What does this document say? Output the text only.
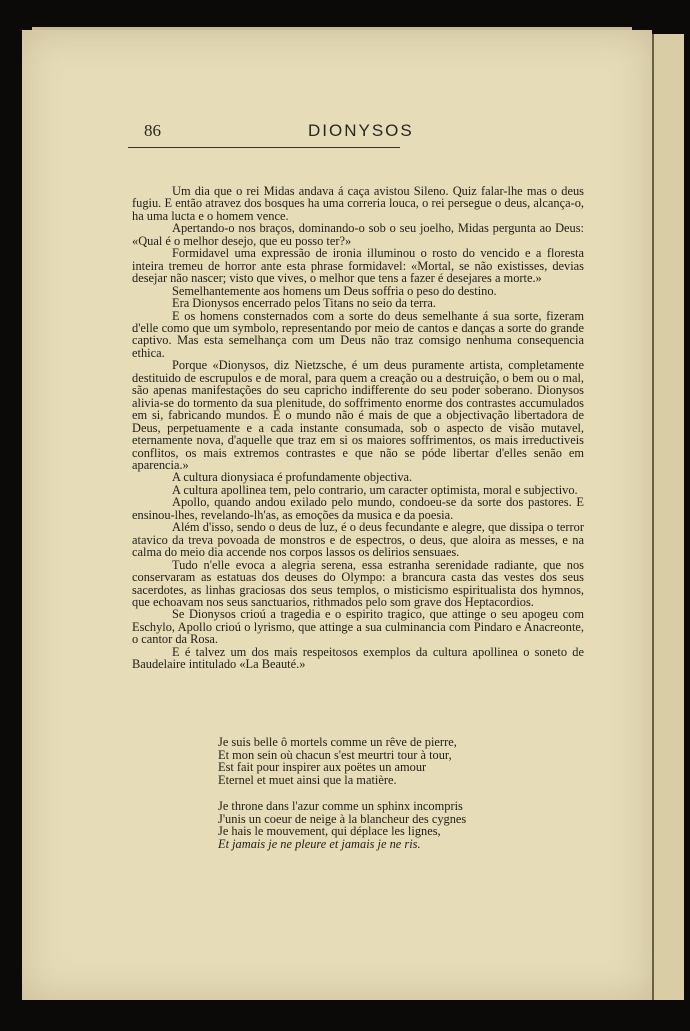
86	DIONYSOS

Um dia que o rei Midas andava á caça avistou Sileno. Quiz falar-lhe mas o deus fugiu. E então atravez dos bosques ha uma correria louca, o rei persegue o deus, alcança-o, ha uma lucta e o homem vence.

Apertando-o nos braços, dominando-o sob o seu joelho, Midas pergunta ao Deus: «Qual é o melhor desejo, que eu posso ter?»

Formidavel uma expressão de ironia illuminou o rosto do vencido e a floresta inteira tremeu de horror ante esta phrase formidavel: «Mortal, se não existisses, devias desejar não nascer; visto que vives, o melhor que tens a fazer é desejares a morte.»

Semelhantemente aos homens um Deus soffria o peso do destino.

Era Dionysos encerrado pelos Titans no seio da terra.

E os homens consternados com a sorte do deus semelhante á sua sorte, fizeram d'elle como que um symbolo, representando por meio de cantos e danças a sorte do grande captivo. Mas esta semelhança com um Deus não traz comsigo nenhuma consequencia ethica.

Porque «Dionysos, diz Nietzsche, é um deus puramente artista, completamente destituido de escrupulos e de moral, para quem a creação ou a destruição, o bem ou o mal, são apenas manifestações do seu capricho indifferente do seu poder soberano. Dionysos alivia-se do tormento da sua plenitude, do soffrimento enorme dos contrastes accumulados em si, fabricando mundos. E o mundo não é mais de que a objectivação libertadora de Deus, perpetuamente e a cada instante consumada, sob o aspecto de visão mutavel, eternamente nova, d'aquelle que traz em si os maiores soffrimentos, os mais irreductiveis conflitos, os mais extremos contrastes e que não se póde libertar d'elles senão em aparencia.»

A cultura dionysiaca é profundamente objectiva.

A cultura apollinea tem, pelo contrario, um caracter optimista, moral e subjectivo.

Apollo, quando andou exilado pelo mundo, condoeu-se da sorte dos pastores. E ensinou-lhes, revelando-lh'as, as emoções da musica e da poesia.

Além d'isso, sendo o deus de luz, é o deus fecundante e alegre, que dissipa o terror atavico da treva povoada de monstros e de espectros, o deus, que aloira as messes, e na calma do meio dia accende nos corpos lassos os delirios sensuaes.

Tudo n'elle evoca a alegria serena, essa estranha serenidade radiante, que nos conservaram as estatuas dos deuses do Olympo: a brancura casta das vestes dos seus sacerdotes, as linhas graciosas dos seus templos, o misticismo espiritualista dos hymnos, que echoavam nos seus sanctuarios, rithmados pelo som grave dos Heptacordios.

Se Dionysos crioú a tragedia e o espirito tragico, que attinge o seu apogeu com Eschylo, Apollo crioú o lyrismo, que attinge a sua culminancia com Pindaro e Anacreonte, o cantor da Rosa.

E é talvez um dos mais respeitosos exemplos da cultura apollinea o soneto de Baudelaire intitulado «La Beauté.»

Je suis belle ô mortels comme un rêve de pierre,
Et mon sein où chacun s'est meurtri tour à tour,
Est fait pour inspirer aux poëtes un amour
Eternel et muet ainsi que la matière.
Je throne dans l'azur comme un sphinx incompris
J'unis un coeur de neige à la blancheur des cygnes
Je hais le mouvement, qui déplace les lignes,
Et jamais je ne pleure et jamais je ne ris.
